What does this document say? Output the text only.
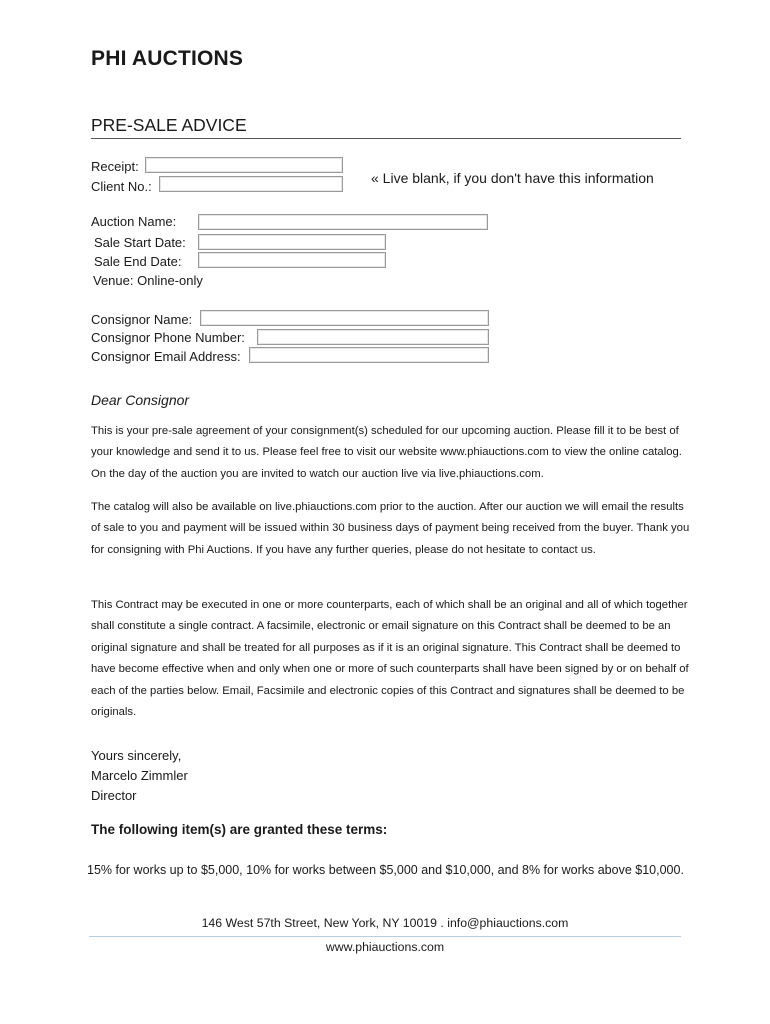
PHI AUCTIONS
PRE-SALE ADVICE
Receipt:
Client No.:
« Live blank, if you don't have this information
Auction Name:
Sale Start Date:
Sale End Date:
Venue: Online-only
Consignor Name:
Consignor Phone Number:
Consignor Email Address:
Dear Consignor
This is your pre-sale agreement of your consignment(s) scheduled for our upcoming auction. Please fill it to be best of your knowledge and send it to us. Please feel free to visit our website www.phiauctions.com to view the online catalog. On the day of the auction you are invited to watch our auction live via live.phiauctions.com.
The catalog will also be available on live.phiauctions.com prior to the auction. After our auction we will email the results of sale to you and payment will be issued within 30 business days of payment being received from the buyer. Thank you for consigning with Phi Auctions. If you have any further queries, please do not hesitate to contact us.
This Contract may be executed in one or more counterparts, each of which shall be an original and all of which together shall constitute a single contract. A facsimile, electronic or email signature on this Contract shall be deemed to be an original signature and shall be treated for all purposes as if it is an original signature. This Contract shall be deemed to have become effective when and only when one or more of such counterparts shall have been signed by or on behalf of each of the parties below. Email, Facsimile and electronic copies of this Contract and signatures shall be deemed to be originals.
Yours sincerely,
Marcelo Zimmler
Director
The following item(s) are granted these terms:
15% for works up to $5,000, 10% for works between $5,000 and $10,000, and 8% for works above $10,000.
146 West 57th Street, New York, NY 10019 . info@phiauctions.com
www.phiauctions.com
